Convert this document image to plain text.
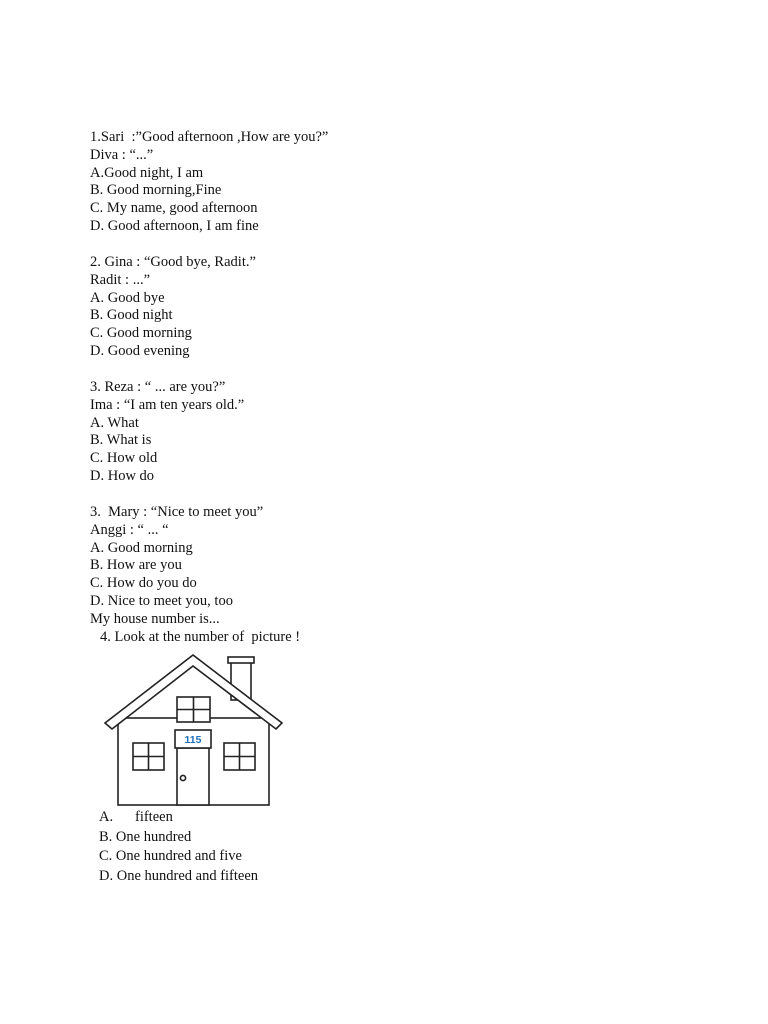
1.Sari  :”Good afternoon ,How are you?”
Diva : “...”
A.Good night, I am
B. Good morning,Fine
C. My name, good afternoon
D. Good afternoon, I am fine
2. Gina : “Good bye, Radit.”
Radit : ...”
A. Good bye
B. Good night
C. Good morning
D. Good evening
3. Reza : “ ... are you?”
Ima : “I am ten years old.”
A. What
B. What is
C. How old
D. How do
3.  Mary : “Nice to meet you”
Anggi : “ ... “
A. Good morning
B. How are you
C. How do you do
D. Nice to meet you, too
My house number is...
4. Look at the number of  picture !
115
A. fifteen
B. One hundred
C. One hundred and five
D. One hundred and fifteen
